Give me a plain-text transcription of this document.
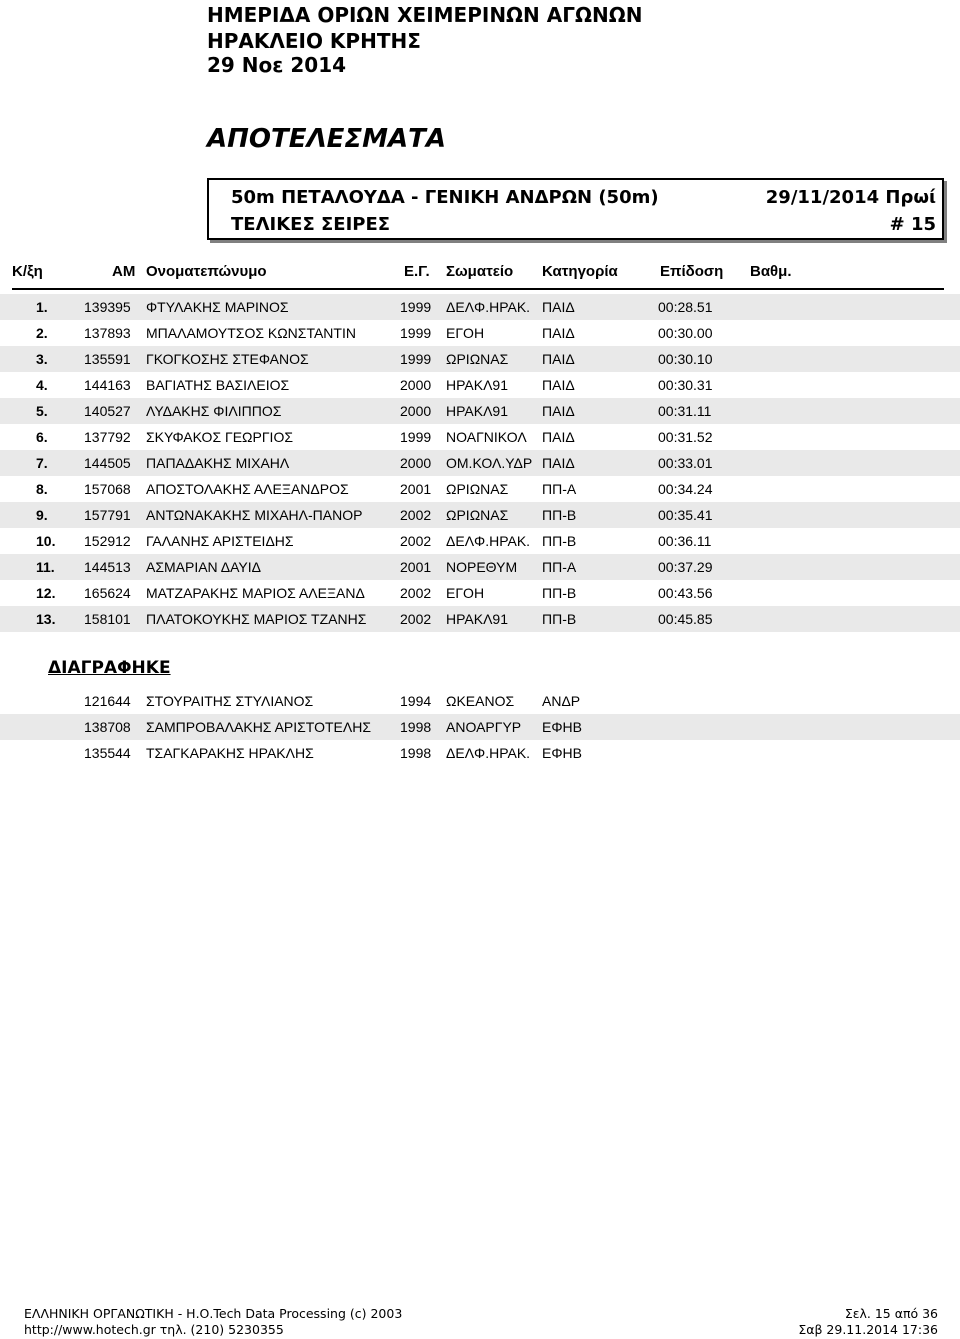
ΗΜΕΡΙΔΑ ΟΡΙΩΝ ΧΕΙΜΕΡΙΝΩΝ ΑΓΩΝΩΝ
ΗΡΑΚΛΕΙΟ ΚΡΗΤΗΣ
29 Νοε 2014
ΑΠΟΤΕΛΕΣΜΑΤΑ
50m ΠΕΤΑΛΟΥΔΑ - ΓΕΝΙΚΗ ΑΝΔΡΩΝ (50m)	29/11/2014 Πρωί
ΤΕΛΙΚΕΣ ΣΕΙΡΕΣ	# 15
Κ/ξη	ΑΜ Ονοματεπώνυμο	Ε.Γ. Σωματείο Κατηγορία	Επίδοση Βαθμ.
1.	139395 ΦΤΥΛΑΚΗΣ ΜΑΡΙΝΟΣ	1999 ΔΕΛΦ.ΗΡΑΚ. ΠΑΙΔ	00:28.51
2.	137893 ΜΠΑΛΑΜΟΥΤΣΟΣ ΚΩΝΣΤΑΝΤΙΝ	1999 ΕΓΟΗ	ΠΑΙΔ	00:30.00
3.	135591 ΓΚΟΓΚΟΣΗΣ ΣΤΕΦΑΝΟΣ	1999 ΩΡΙΩΝΑΣ ΠΑΙΔ	00:30.10
4.	144163 ΒΑΓΙΑΤΗΣ ΒΑΣΙΛΕΙΟΣ	2000 ΗΡΑΚΛ91 ΠΑΙΔ	00:30.31
5.	140527 ΛΥΔΑΚΗΣ ΦΙΛΙΠΠΟΣ	2000 ΗΡΑΚΛ91 ΠΑΙΔ	00:31.11
6.	137792 ΣΚΥΦΑΚΟΣ ΓΕΩΡΓΙΟΣ	1999 ΝΟΑΓΝΙΚΟΛ ΠΑΙΔ	00:31.52
7.	144505 ΠΑΠΑΔΑΚΗΣ ΜΙΧΑΗΛ	2000 ΟΜ.ΚΟΛ.ΥΔΡ ΠΑΙΔ	00:33.01
8.	157068 ΑΠΟΣΤΟΛΑΚΗΣ ΑΛΕΞΑΝΔΡΟΣ	2001 ΩΡΙΩΝΑΣ ΠΠ-Α	00:34.24
9.	157791 ΑΝΤΩΝΑΚΑΚΗΣ ΜΙΧΑΗΛ-ΠΑΝΟΡ	2002 ΩΡΙΩΝΑΣ ΠΠ-Β	00:35.41
10. 152912 ΓΑΛΑΝΗΣ ΑΡΙΣΤΕΙΔΗΣ	2002 ΔΕΛΦ.ΗΡΑΚ. ΠΠ-Β	00:36.11
11. 144513 ΑΣΜΑΡΙΑΝ ΔΑΥΙΔ	2001 ΝΟΡΕΘΥΜ ΠΠ-Α	00:37.29
12. 165624 ΜΑΤΖΑΡΑΚΗΣ ΜΑΡΙΟΣ ΑΛΕΞΑΝΔ	2002 ΕΓΟΗ	ΠΠ-Β	00:43.56
13. 158101 ΠΛΑΤΟΚΟΥΚΗΣ ΜΑΡΙΟΣ ΤΖΑΝΗΣ 2002 ΗΡΑΚΛ91 ΠΠ-Β	00:45.85
ΔΙΑΓΡΑΦΗΚΕ
121644 ΣΤΟΥΡΑΙΤΗΣ ΣΤΥΛΙΑΝΟΣ	1994 ΩΚΕΑΝΟΣ ΑΝΔΡ
138708 ΣΑΜΠΡΟΒΑΛΑΚΗΣ ΑΡΙΣΤΟΤΕΛΗΣ 1998 ΑΝΟΑΡΓΥΡ ΕΦΗΒ
135544 ΤΣΑΓΚΑΡΑΚΗΣ ΗΡΑΚΛΗΣ	1998 ΔΕΛΦ.ΗΡΑΚ. ΕΦΗΒ
ΕΛΛΗΝΙΚΗ ΟΡΓΑΝΩΤΙΚΗ - Η.Ο.Tech Data Processing (c) 2003
http://www.hotech.gr τηλ. (210) 5230355
Σελ. 15 από 36
Σαβ 29.11.2014 17:36
